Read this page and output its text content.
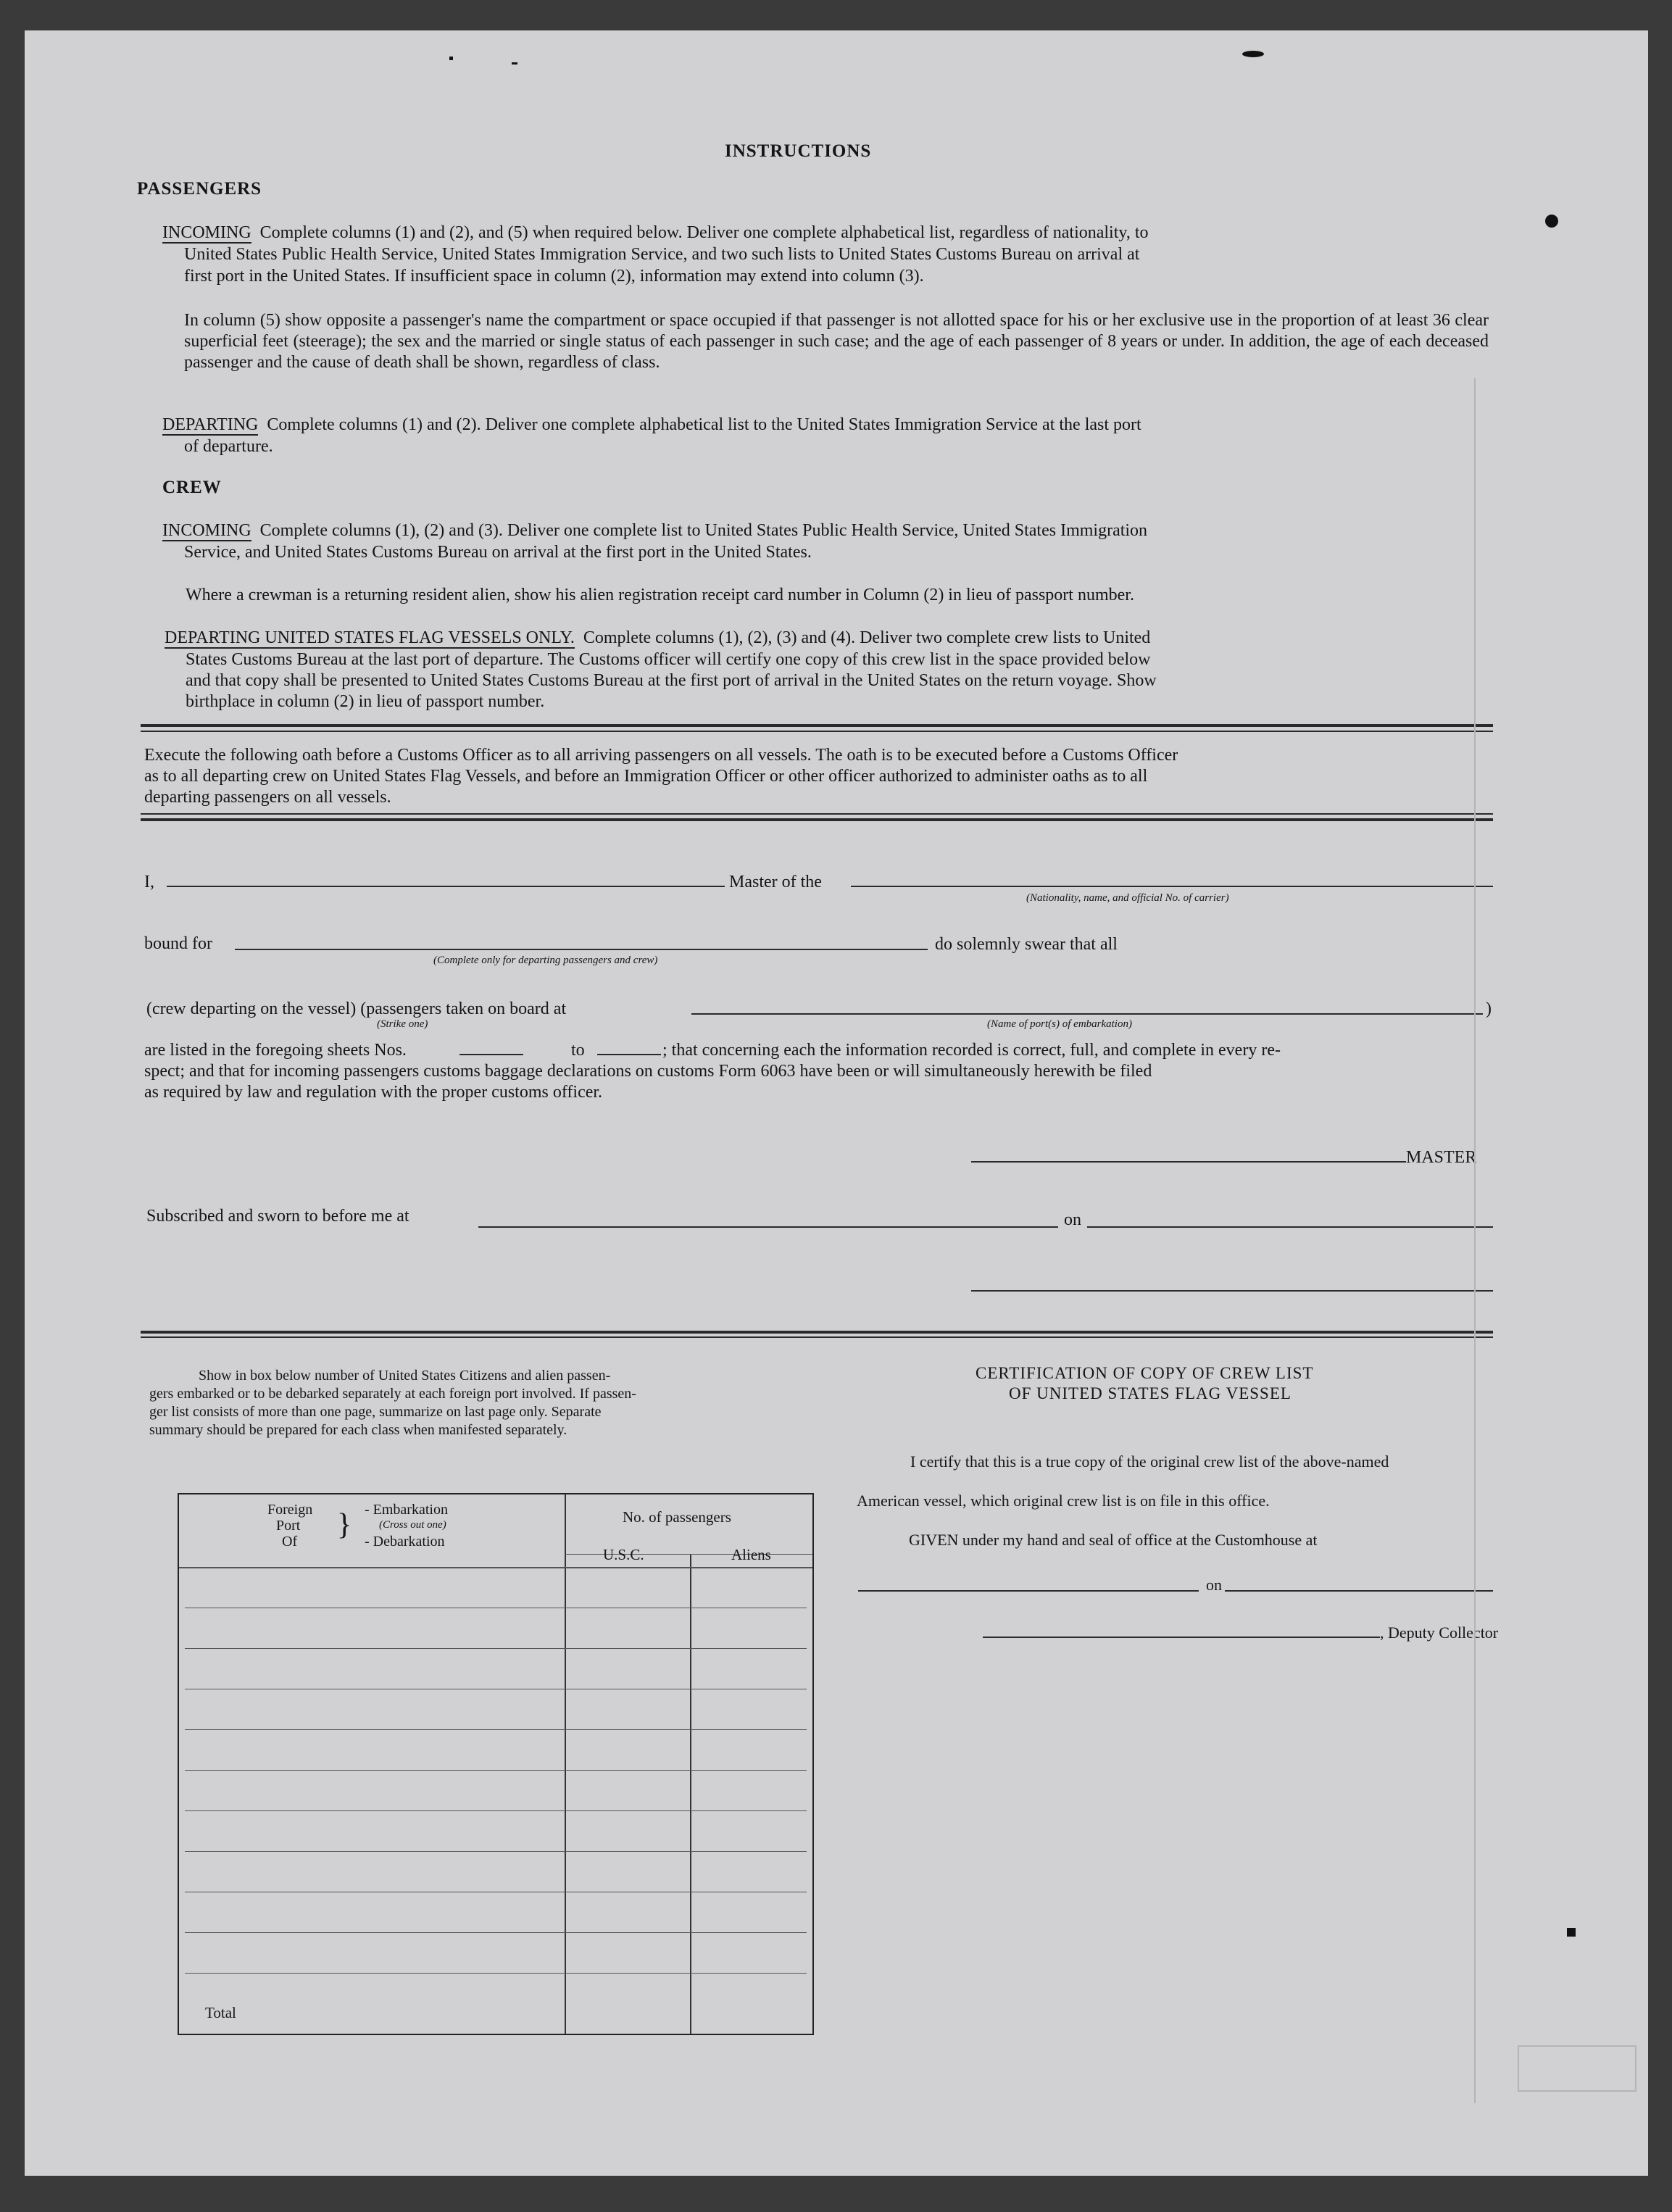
INSTRUCTIONS
PASSENGERS
INCOMING Complete columns (1) and (2), and (5) when required below. Deliver one complete alphabetical list, regardless of nationality, to
United States Public Health Service, United States Immigration Service, and two such lists to United States Customs Bureau on arrival at
first port in the United States. If insufficient space in column (2), information may extend into column (3).
In column (5) show opposite a passenger's name the compartment or space occupied if that passenger is not allotted space for his or her exclusive use in the proportion of at least 36 clear superficial feet (steerage); the sex and the married or single status of each passenger in such case; and the age of each passenger of 8 years or under. In addition, the age of each deceased passenger and the cause of death shall be shown, regardless of class.
DEPARTING Complete columns (1) and (2). Deliver one complete alphabetical list to the United States Immigration Service at the last port
of departure.
CREW
INCOMING Complete columns (1), (2) and (3). Deliver one complete list to United States Public Health Service, United States Immigration
Service, and United States Customs Bureau on arrival at the first port in the United States.
Where a crewman is a returning resident alien, show his alien registration receipt card number in Column (2) in lieu of passport number.
DEPARTING UNITED STATES FLAG VESSELS ONLY. Complete columns (1), (2), (3) and (4). Deliver two complete crew lists to United
States Customs Bureau at the last port of departure. The Customs officer will certify one copy of this crew list in the space provided below
and that copy shall be presented to United States Customs Bureau at the first port of arrival in the United States on the return voyage. Show
birthplace in column (2) in lieu of passport number.
Execute the following oath before a Customs Officer as to all arriving passengers on all vessels. The oath is to be executed before a Customs Officer
as to all departing crew on United States Flag Vessels, and before an Immigration Officer or other officer authorized to administer oaths as to all
departing passengers on all vessels.
I,	Master of the
(Nationality, name, and official No. of carrier)
bound for	do solemnly swear that all
(Complete only for departing passengers and crew)
(crew departing on the vessel) (passengers taken on board at	)
(Strike one)	(Name of port(s) of embarkation)
are listed in the foregoing sheets Nos.	to	; that concerning each the information recorded is correct, full, and complete in every re-
spect; and that for incoming passengers customs baggage declarations on customs Form 6063 have been or will simultaneously herewith be filed
as required by law and regulation with the proper customs officer.
MASTER
Subscribed and sworn to before me at	on
Show in box below number of United States Citizens and alien passen-
gers embarked or to be debarked separately at each foreign port involved. If passen-
ger list consists of more than one page, summarize on last page only. Separate
summary should be prepared for each class when manifested separately.
Foreign
Port
Of } - Embarkation
(Cross out one)
- Debarkation
No. of passengers
U.S.C.	Aliens
Total
CERTIFICATION OF COPY OF CREW LIST
OF UNITED STATES FLAG VESSEL
I certify that this is a true copy of the original crew list of the above-named
American vessel, which original crew list is on file in this office.
GIVEN under my hand and seal of office at the Customhouse at
on
, Deputy Collector
